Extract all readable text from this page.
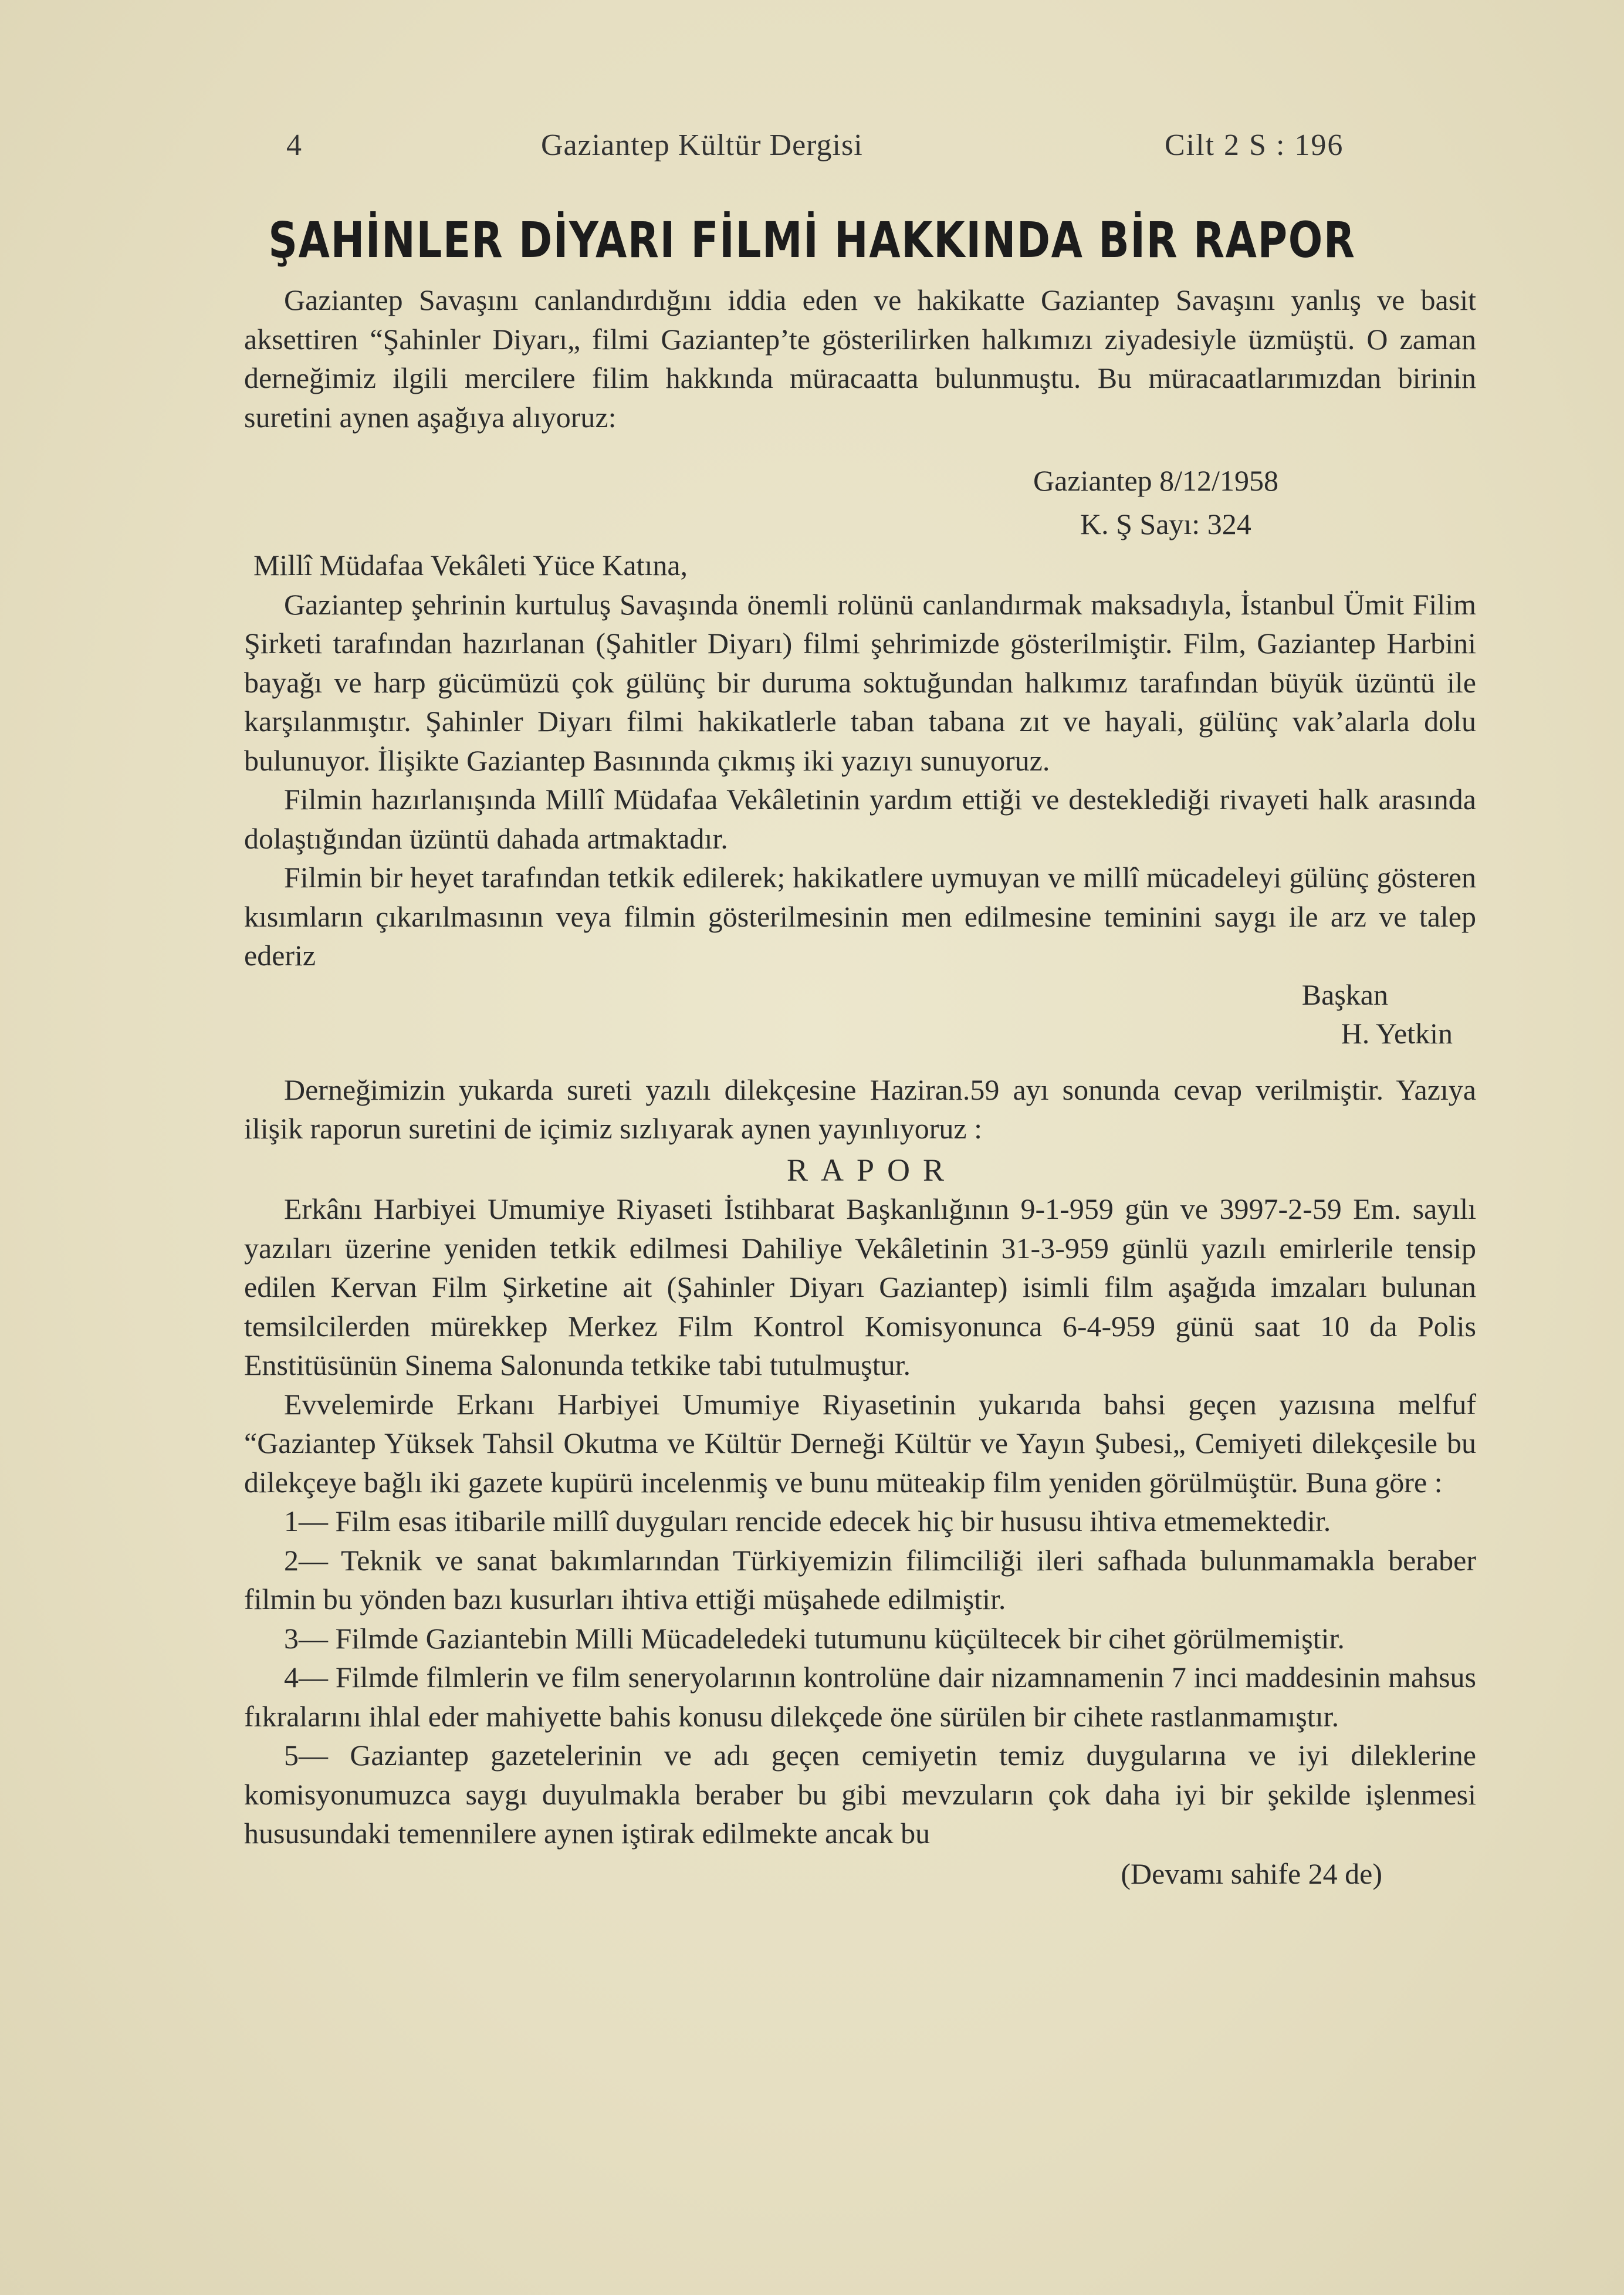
4	Gaziantep Kültür Dergisi	Cilt 2 S : 196
ŞAHİNLER DİYARI FİLMİ HAKKINDA BİR RAPOR

Gaziantep Savaşını canlandırdığını iddia eden ve hakikatte Gaziantep Savaşını yanlış ve basit aksettiren “Şahinler Diyarı„ filmi Gaziantep’te gösterilirken halkımızı ziyadesiyle üzmüştü. O zaman derneğimiz ilgili mercilere filim hakkında müracaatta bulunmuştu. Bu müracaatlarımızdan birinin suretini aynen aşağıya alıyoruz:

Gaziantep 8/12/1958
K. Ş Sayı: 324

Millî Müdafaa Vekâleti Yüce Katına,

Gaziantep şehrinin kurtuluş Savaşında önemli rolünü canlandırmak maksadıyla, İstanbul Ümit Filim Şirketi tarafından hazırlanan (Şahitler Diyarı) filmi şehrimizde gösterilmiştir. Film, Gaziantep Harbini bayağı ve harp gücümüzü çok gülünç bir duruma soktuğundan halkımız tarafından büyük üzüntü ile karşılanmıştır. Şahinler Diyarı filmi hakikatlerle taban tabana zıt ve hayali, gülünç vak’alarla dolu bulunuyor. İlişikte Gaziantep Basınında çıkmış iki yazıyı sunuyoruz.

Filmin hazırlanışında Millî Müdafaa Vekâletinin yardım ettiği ve desteklediği rivayeti halk arasında dolaştığından üzüntü dahada artmaktadır.

Filmin bir heyet tarafından tetkik edilerek; hakikatlere uymuyan ve millî mücadeleyi gülünç gösteren kısımların çıkarılmasının veya filmin gösterilmesinin men edilmesine teminini saygı ile arz ve talep ederiz

Başkan
H. Yetkin

Derneğimizin yukarda sureti yazılı dilekçesine Haziran.59 ayı sonunda cevap verilmiştir. Yazıya ilişik raporun suretini de içimiz sızlıyarak aynen yayınlıyoruz :

RAPOR

Erkânı Harbiyei Umumiye Riyaseti İstihbarat Başkanlığının 9-1-959 gün ve 3997-2-59 Em. sayılı yazıları üzerine yeniden tetkik edilmesi Dahiliye Vekâletinin 31-3-959 günlü yazılı emirlerile tensip edilen Kervan Film Şirketine ait (Şahinler Diyarı Gaziantep) isimli film aşağıda imzaları bulunan temsilcilerden mürekkep Merkez Film Kontrol Komisyonunca 6-4-959 günü saat 10 da Polis Enstitüsünün Sinema Salonunda tetkike tabi tutulmuştur.

Evvelemirde Erkanı Harbiyei Umumiye Riyasetinin yukarıda bahsi geçen yazısına melfuf “Gaziantep Yüksek Tahsil Okutma ve Kültür Derneği Kültür ve Yayın Şubesi„ Cemiyeti dilekçesile bu dilekçeye bağlı iki gazete kupürü incelenmiş ve bunu müteakip film yeniden görülmüştür. Buna göre :

1— Film esas itibarile millî duyguları rencide edecek hiç bir hususu ihtiva etmemektedir.

2— Teknik ve sanat bakımlarından Türkiyemizin filimciliği ileri safhada bulunmamakla beraber filmin bu yönden bazı kusurları ihtiva ettiği müşahede edilmiştir.

3— Filmde Gaziantebin Milli Mücadeledeki tutumunu küçültecek bir cihet görülmemiştir.

4— Filmde filmlerin ve film seneryolarının kontrolüne dair nizamnamenin 7 inci maddesinin mahsus fıkralarını ihlal eder mahiyette bahis konusu dilekçede öne sürülen bir cihete rastlanmamıştır.

5— Gaziantep gazetelerinin ve adı geçen cemiyetin temiz duygularına ve iyi dileklerine komisyonumuzca saygı duyulmakla beraber bu gibi mevzuların çok daha iyi bir şekilde işlenmesi hususundaki temennilere aynen iştirak edilmekte ancak bu

(Devamı sahife 24 de)
